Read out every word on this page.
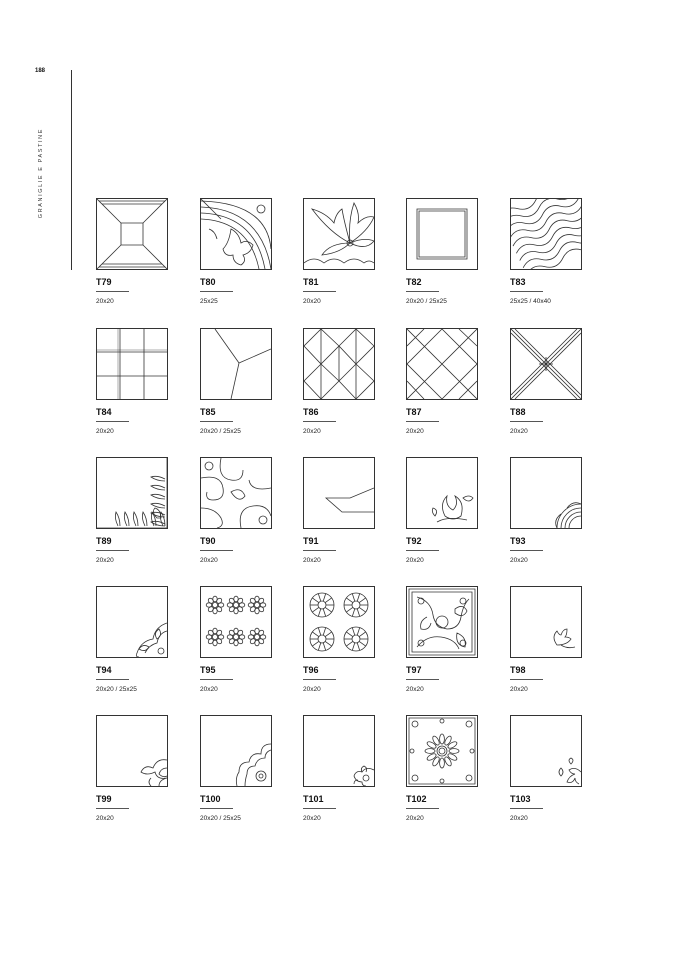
188
GRANIGLIE E PASTINE
T79
20x20
T80
25x25
T81
20x20
T82
20x20 / 25x25
T83
25x25 / 40x40
T84
20x20
T85
20x20 / 25x25
T86
20x20
T87
20x20
T88
20x20
T89
20x20
T90
20x20
T91
20x20
T92
20x20
T93
20x20
T94
20x20 / 25x25
T95
20x20
T96
20x20
T97
20x20
T98
20x20
T99
20x20
T100
20x20 / 25x25
T101
20x20
T102
20x20
T103
20x20
